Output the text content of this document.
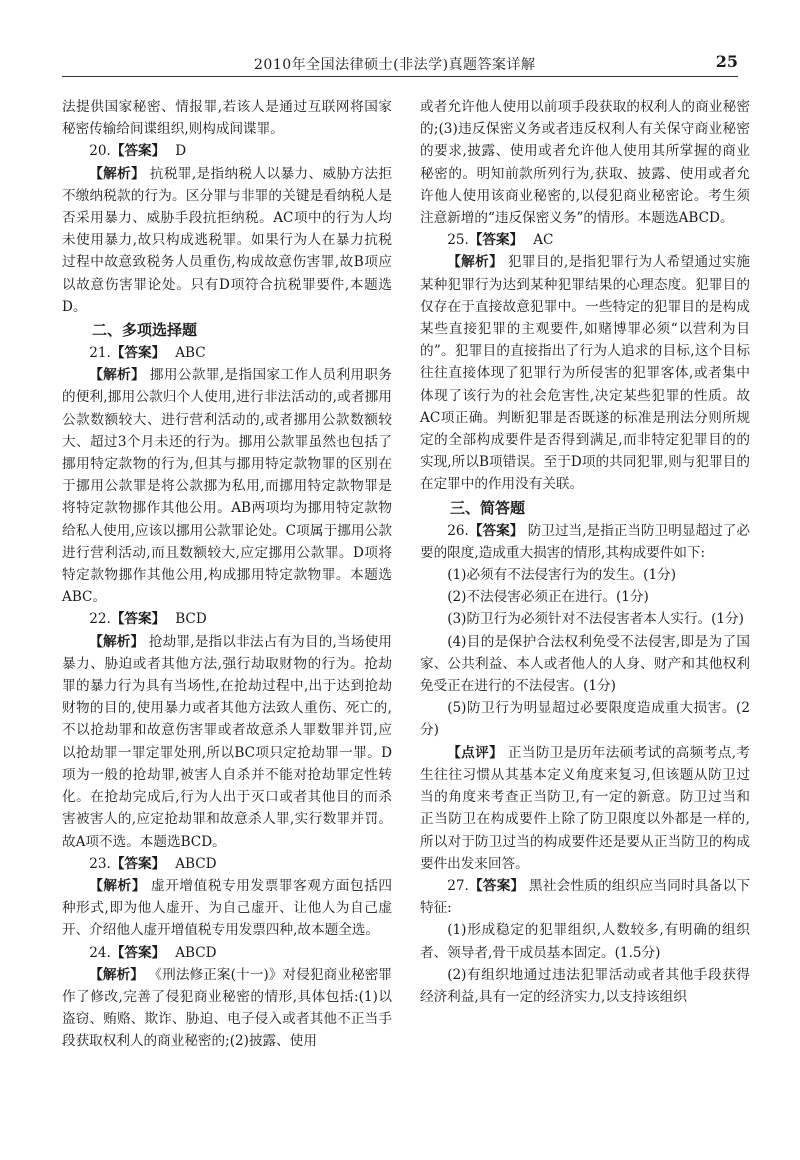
2010年全国法律硕士(非法学)真题答案详解	25

法提供国家秘密、情报罪,若该人是通过互联网将国家秘密传输给间谍组织,则构成间谍罪。

20.【答案】 D

【解析】 抗税罪,是指纳税人以暴力、威胁方法拒不缴纳税款的行为。区分罪与非罪的关键是看纳税人是否采用暴力、威胁手段抗拒纳税。AC项中的行为人均未使用暴力,故只构成逃税罪。如果行为人在暴力抗税过程中故意致税务人员重伤,构成故意伤害罪,故B项应以故意伤害罪论处。只有D项符合抗税罪要件,本题选D。

二、多项选择题

21.【答案】 ABC

【解析】 挪用公款罪,是指国家工作人员利用职务的便利,挪用公款归个人使用,进行非法活动的,或者挪用公款数额较大、进行营利活动的,或者挪用公款数额较大、超过3个月未还的行为。挪用公款罪虽然也包括了挪用特定款物的行为,但其与挪用特定款物罪的区别在于挪用公款罪是将公款挪为私用,而挪用特定款物罪是将特定款物挪作其他公用。AB两项均为挪用特定款物给私人使用,应该以挪用公款罪论处。C项属于挪用公款进行营利活动,而且数额较大,应定挪用公款罪。D项将特定款物挪作其他公用,构成挪用特定款物罪。本题选ABC。

22.【答案】 BCD

【解析】 抢劫罪,是指以非法占有为目的,当场使用暴力、胁迫或者其他方法,强行劫取财物的行为。抢劫罪的暴力行为具有当场性,在抢劫过程中,出于达到抢劫财物的目的,使用暴力或者其他方法致人重伤、死亡的,不以抢劫罪和故意伤害罪或者故意杀人罪数罪并罚,应以抢劫罪一罪定罪处刑,所以BC项只定抢劫罪一罪。D项为一般的抢劫罪,被害人自杀并不能对抢劫罪定性转化。在抢劫完成后,行为人出于灭口或者其他目的而杀害被害人的,应定抢劫罪和故意杀人罪,实行数罪并罚。故A项不选。本题选BCD。

23.【答案】 ABCD

【解析】 虚开增值税专用发票罪客观方面包括四种形式,即为他人虚开、为自己虚开、让他人为自己虚开、介绍他人虚开增值税专用发票四种,故本题全选。

24.【答案】 ABCD

【解析】 《刑法修正案(十一)》对侵犯商业秘密罪作了修改,完善了侵犯商业秘密的情形,具体包括:(1)以盗窃、贿赂、欺诈、胁迫、电子侵入或者其他不正当手段获取权利人的商业秘密的;(2)披露、使用

或者允许他人使用以前项手段获取的权利人的商业秘密的;(3)违反保密义务或者违反权利人有关保守商业秘密的要求,披露、使用或者允许他人使用其所掌握的商业秘密的。明知前款所列行为,获取、披露、使用或者允许他人使用该商业秘密的,以侵犯商业秘密论。考生须注意新增的“违反保密义务”的情形。本题选ABCD。

25.【答案】 AC

【解析】 犯罪目的,是指犯罪行为人希望通过实施某种犯罪行为达到某种犯罪结果的心理态度。犯罪目的仅存在于直接故意犯罪中。一些特定的犯罪目的是构成某些直接犯罪的主观要件,如赌博罪必须“以营利为目的”。犯罪目的直接指出了行为人追求的目标,这个目标往往直接体现了犯罪行为所侵害的犯罪客体,或者集中体现了该行为的社会危害性,决定某些犯罪的性质。故AC项正确。判断犯罪是否既遂的标准是刑法分则所规定的全部构成要件是否得到满足,而非特定犯罪目的的实现,所以B项错误。至于D项的共同犯罪,则与犯罪目的在定罪中的作用没有关联。

三、简答题

26.【答案】 防卫过当,是指正当防卫明显超过了必要的限度,造成重大损害的情形,其构成要件如下:

(1)必须有不法侵害行为的发生。(1分)

(2)不法侵害必须正在进行。(1分)

(3)防卫行为必须针对不法侵害者本人实行。(1分)

(4)目的是保护合法权利免受不法侵害,即是为了国家、公共利益、本人或者他人的人身、财产和其他权利免受正在进行的不法侵害。(1分)

(5)防卫行为明显超过必要限度造成重大损害。(2分)

【点评】 正当防卫是历年法硕考试的高频考点,考生往往习惯从其基本定义角度来复习,但该题从防卫过当的角度来考查正当防卫,有一定的新意。防卫过当和正当防卫在构成要件上除了防卫限度以外都是一样的,所以对于防卫过当的构成要件还是要从正当防卫的构成要件出发来回答。

27.【答案】 黑社会性质的组织应当同时具备以下特征:

(1)形成稳定的犯罪组织,人数较多,有明确的组织者、领导者,骨干成员基本固定。(1.5分)

(2)有组织地通过违法犯罪活动或者其他手段获得经济利益,具有一定的经济实力,以支持该组织
